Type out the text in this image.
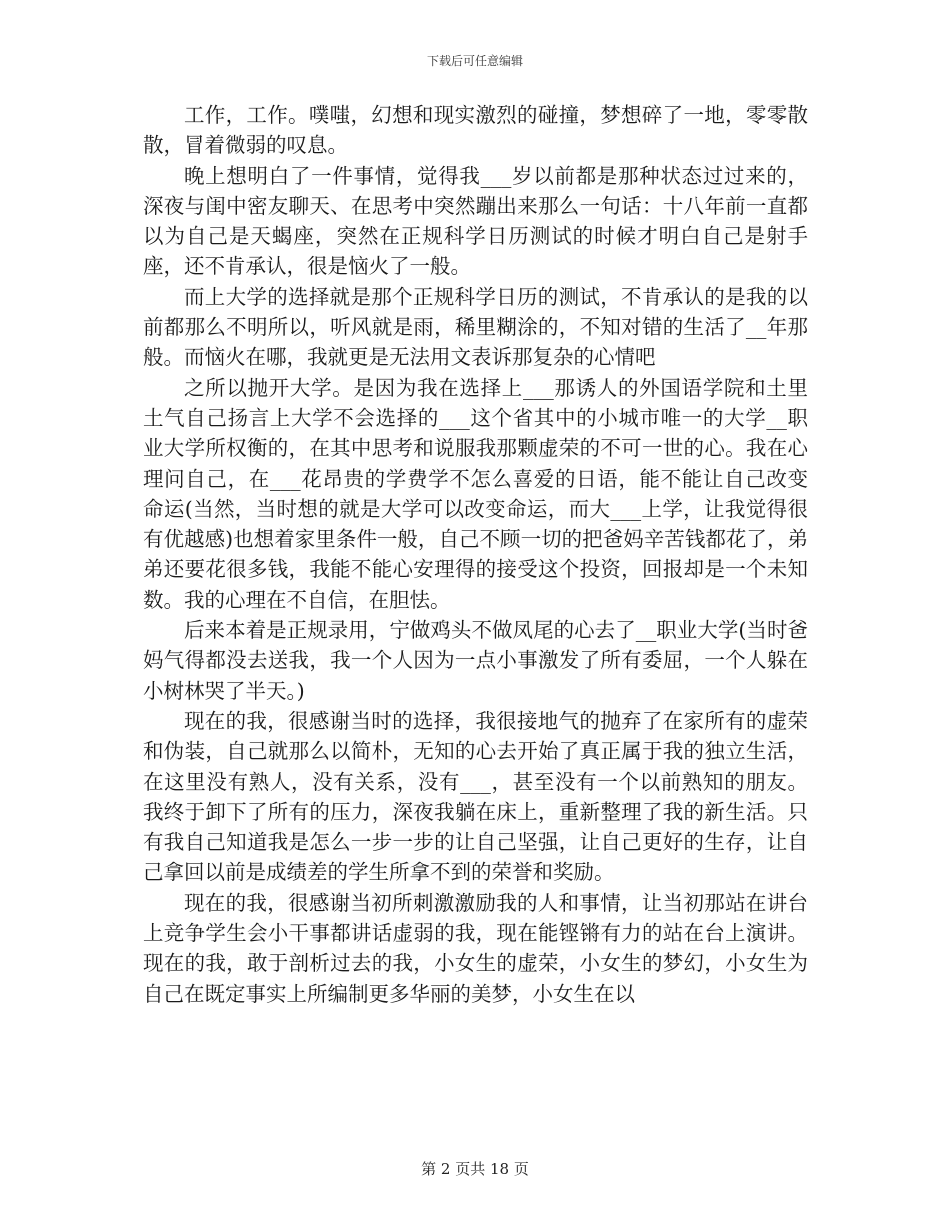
下载后可任意编辑

工作，工作。噗嗤，幻想和现实激烈的碰撞，梦想碎了一地，零零散散，冒着微弱的叹息。

晚上想明白了一件事情，觉得我___岁以前都是那种状态过过来的，深夜与闺中密友聊天、在思考中突然蹦出来那么一句话：十八年前一直都以为自己是天蝎座，突然在正规科学日历测试的时候才明白自己是射手座，还不肯承认，很是恼火了一般。

而上大学的选择就是那个正规科学日历的测试，不肯承认的是我的以前都那么不明所以，听风就是雨，稀里糊涂的，不知对错的生活了__年那般。而恼火在哪，我就更是无法用文表诉那复杂的心情吧

之所以抛开大学。是因为我在选择上___那诱人的外国语学院和土里土气自己扬言上大学不会选择的___这个省其中的小城市唯一的大学__职业大学所权衡的，在其中思考和说服我那颗虚荣的不可一世的心。我在心理问自己，在___花昂贵的学费学不怎么喜爱的日语，能不能让自己改变命运(当然，当时想的就是大学可以改变命运，而大___上学，让我觉得很有优越感)也想着家里条件一般，自己不顾一切的把爸妈辛苦钱都花了，弟弟还要花很多钱，我能不能心安理得的接受这个投资，回报却是一个未知数。我的心理在不自信，在胆怯。

后来本着是正规录用，宁做鸡头不做凤尾的心去了__职业大学(当时爸妈气得都没去送我，我一个人因为一点小事激发了所有委屈，一个人躲在小树林哭了半天。)

现在的我，很感谢当时的选择，我很接地气的抛弃了在家所有的虚荣和伪装，自己就那么以简朴，无知的心去开始了真正属于我的独立生活，在这里没有熟人，没有关系，没有___，甚至没有一个以前熟知的朋友。我终于卸下了所有的压力，深夜我躺在床上，重新整理了我的新生活。只有我自己知道我是怎么一步一步的让自己坚强，让自己更好的生存，让自己拿回以前是成绩差的学生所拿不到的荣誉和奖励。

现在的我，很感谢当初所刺激激励我的人和事情，让当初那站在讲台上竞争学生会小干事都讲话虚弱的我，现在能铿锵有力的站在台上演讲。现在的我，敢于剖析过去的我，小女生的虚荣，小女生的梦幻，小女生为自己在既定事实上所编制更多华丽的美梦，小女生在以

第 2 页共 18 页
